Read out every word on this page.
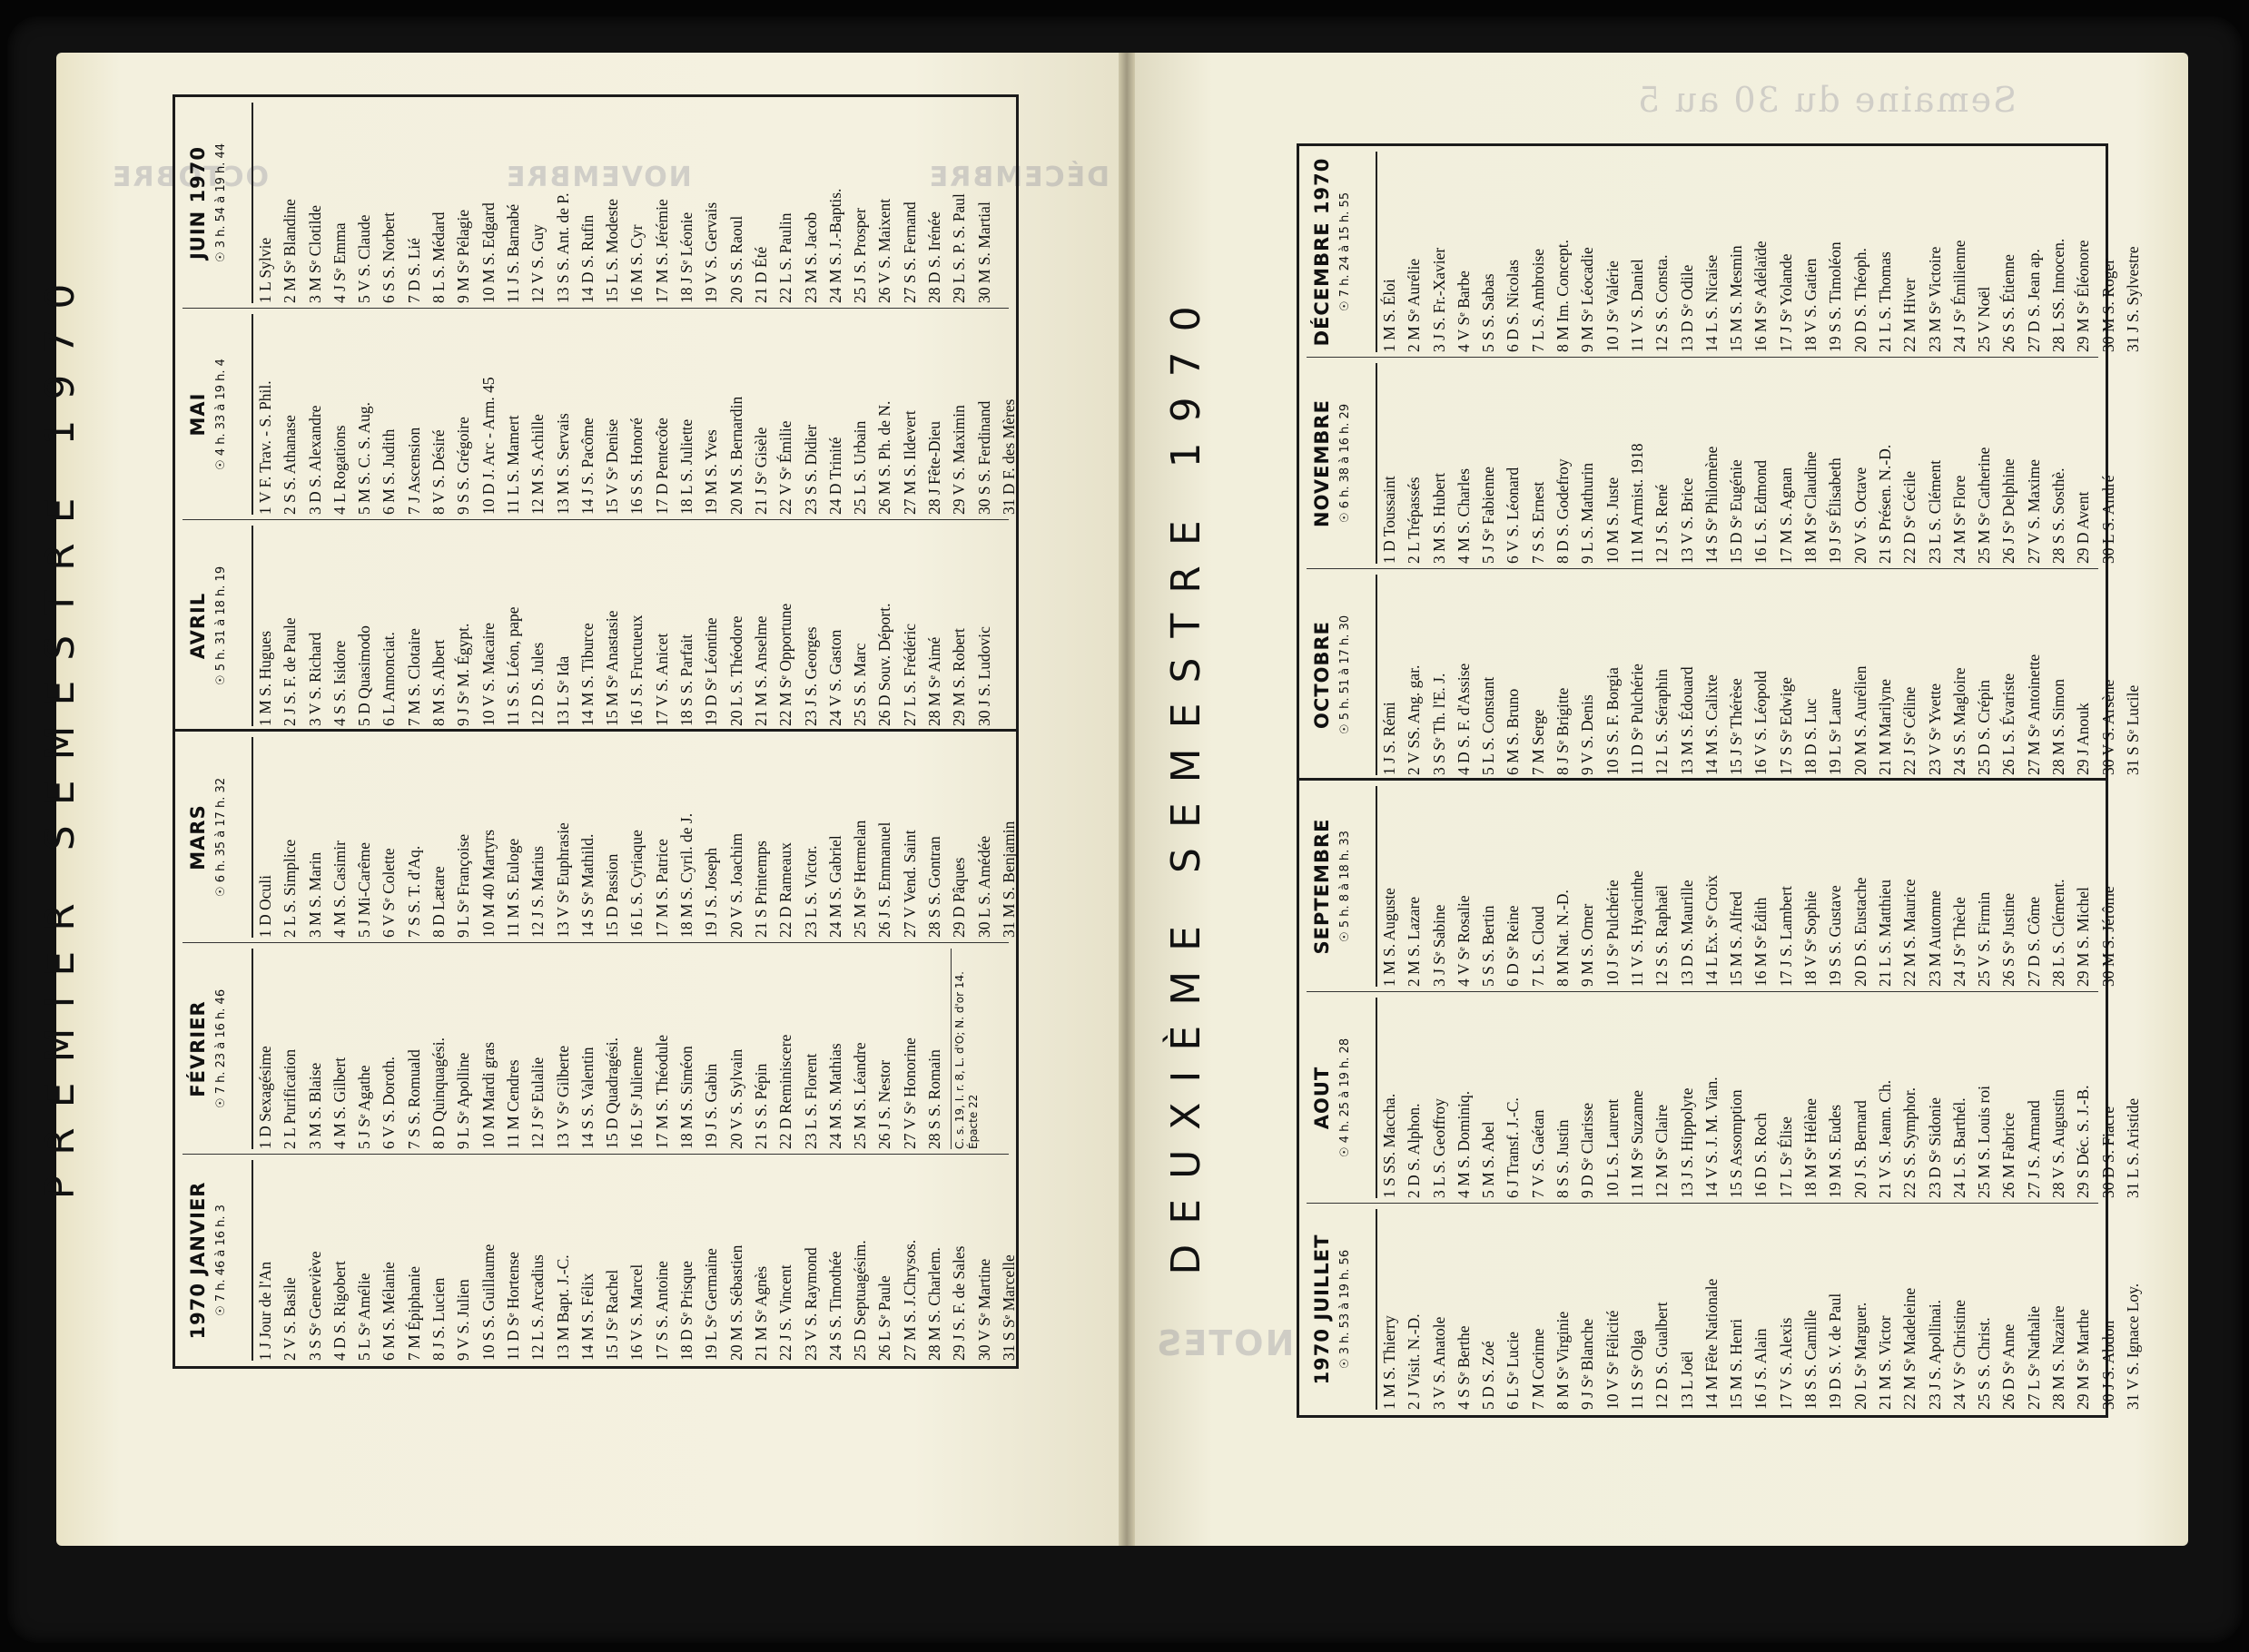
DÉCEMBRE
NOVEMBRE
OCTOBRE
Semaine du 30 au 5
NOTES
PREMIER SEMESTRE 1970
1970 JANVIER ☉ 7 h. 46 à 16 h. 3 1 J Jour de l'An 2 V S. Basile 3 S Sᵉ Geneviève 4 D S. Rigobert 5 L Sᵉ Amélie 6 M S. Mélanie 7 M Épiphanie 8 J S. Lucien 9 V S. Julien 10 S S. Guillaume 11 D Sᵉ Hortense 12 L S. Arcadius 13 M Bapt. J.-C. 14 M S. Félix 15 J Sᵉ Rachel 16 V S. Marcel 17 S S. Antoine 18 D Sᵉ Prisque 19 L Sᵉ Germaine 20 M S. Sébastien 21 M Sᵉ Agnès 22 J S. Vincent 23 V S. Raymond 24 S S. Timothée 25 D Septuagésim. 26 L Sᵉ Paule 27 M S. J.Chrysos. 28 M S. Charlem. 29 J S. F. de Sales 30 V Sᵉ Martine 31 S Sᵉ Marcelle
FÉVRIER ☉ 7 h. 23 à 16 h. 46 1 D Sexagésime 2 L Purification 3 M S. Blaise 4 M S. Gilbert 5 J Sᵉ Agathe 6 V S. Doroth. 7 S S. Romuald 8 D Quinquagési. 9 L Sᵉ Apolline 10 M Mardi gras 11 M Cendres 12 J Sᵉ Eulalie 13 V Sᵉ Gilberte 14 S S. Valentin 15 D Quadragési. 16 L Sᵉ Julienne 17 M S. Théodule 18 M S. Siméon 19 J S. Gabin 20 V S. Sylvain 21 S S. Pépin 22 D Reminiscere 23 L S. Florent 24 M S. Mathias 25 M S. Léandre 26 J S. Nestor 27 V Sᵉ Honorine 28 S S. Romain C. s. 19, I. r. 8, L. d'O; N. d'or 14. Épacte 22
MARS ☉ 6 h. 35 à 17 h. 32
1 D Oculi 2 L S. Simplice 3 M S. Marin 4 M S. Casimir 5 J Mi-Carême 6 V Sᵉ Colette 7 S S. T. d'Aq. 8 D Lætare 9 L Sᵉ Françoise 10 M 40 Martyrs 11 M S. Euloge 12 J S. Marius 13 V Sᵉ Euphrasie 14 S Sᵉ Mathild. 15 D Passion 16 L S. Cyriaque 17 M S. Patrice 18 M S. Cyril. de J. 19 J S. Joseph 20 V S. Joachim 21 S Printemps 22 D Rameaux 23 L S. Victor. 24 M S. Gabriel 25 M Sᵉ Hermelan 26 J S. Emmanuel 27 V Vend. Saint 28 S S. Gontran 29 D Pâques 30 L S. Amédée 31 M S. Benjamin
AVRIL ☉ 5 h. 31 à 18 h. 19 1 M S. Hugues 2 J S. F. de Paule 3 V S. Richard 4 S S. Isidore 5 D Quasimodo 6 L Annonciat. 7 M S. Clotaire 8 M S. Albert 9 J Sᵉ M. Égypt. 10 V S. Macaire 11 S S. Léon, pape 12 D S. Jules 13 L Sᵉ Ida 14 M S. Tiburce 15 M Sᵉ Anastasie 16 J S. Fructueux 17 V S. Anicet 18 S S. Parfait 19 D Sᵉ Léontine 20 L S. Théodore 21 M S. Anselme 22 M Sᵉ Opportune 23 J S. Georges 24 V S. Gaston 25 S S. Marc 26 D Souv. Déport. 27 L S. Frédéric 28 M Sᵉ Aimé 29 M S. Robert 30 J S. Ludovic
MAI ☉ 4 h. 33 à 19 h. 4 1 V F. Trav. - S. Phil. 2 S S. Athanase 3 D S. Alexandre 4 L Rogations 5 M S. C. S. Aug. 6 M S. Judith 7 J Ascension 8 V S. Désiré 9 S S. Grégoire 10 D J. Arc - Arm. 45 11 L S. Mamert 12 M S. Achille 13 M S. Servais 14 J S. Pacôme 15 V Sᵉ Denise 16 S S. Honoré 17 D Pentecôte 18 L S. Juliette 19 M S. Yves 20 M S. Bernardin 21 J Sᵉ Gisèle 22 V Sᵉ Émilie 23 S S. Didier 24 D Trinité 25 L S. Urbain 26 M S. Ph. de N. 27 M S. Ildevert 28 J Fête-Dieu 29 V S. Maximin 30 S S. Ferdinand 31 D F. des Mères
JUIN 1970 ☉ 3 h. 54 à 19 h. 44
1 L Sylvie 2 M Sᵉ Blandine 3 M Sᵉ Clotilde 4 J Sᵉ Emma 5 V S. Claude 6 S S. Norbert 7 D S. Lié 8 L S. Médard 9 M Sᵉ Pélagie 10 M S. Edgard 11 J S. Barnabé 12 V S. Guy 13 S S. Ant. de P. 14 D S. Rufin 15 L S. Modeste 16 M S. Cyr 17 M S. Jérémie 18 J Sᵉ Léonie 19 V S. Gervais 20 S S. Raoul 21 D Été 22 L S. Paulin 23 M S. Jacob 24 M S. J.-Baptis. 25 J S. Prosper 26 V S. Maixent 27 S S. Fernand 28 D S. Irénée 29 L S. P. S. Paul 30 M S. Martial
DEUXIÈME SEMESTRE 1970
1970 JUILLET ☉ 3 h. 53 à 19 h. 56 1 M S. Thierry 2 J Visit. N.-D. 3 V S. Anatole 4 S Sᵉ Berthe 5 D S. Zoé 6 L Sᵉ Lucie 7 M Corinne 8 M Sᵉ Virginie 9 J Sᵉ Blanche 10 V Sᵉ Félicité 11 S Sᵉ Olga 12 D S. Gualbert 13 L Joël 14 M Fête Nationale 15 M S. Henri 16 J S. Alain 17 V S. Alexis 18 S S. Camille 19 D S. V. de Paul 20 L Sᵉ Marguer. 21 M S. Victor 22 M Sᵉ Madeleine 23 J S. Apollinai. 24 V Sᵉ Christine 25 S S. Christ. 26 D Sᵉ Anne 27 L Sᵉ Nathalie 28 M S. Nazaire 29 M Sᵉ Marthe 30 J S. Abdon 31 V S. Ignace Loy.
AOUT ☉ 4 h. 25 à 19 h. 28 1 S SS. Maccha. 2 D S. Alphon. 3 L S. Geoffroy 4 M S. Dominiq. 5 M S. Abel 6 J Transf. J.-C. 7 V S. Gaétan 8 S S. Justin 9 D Sᵉ Clarisse 10 L S. Laurent 11 M Sᵉ Suzanne 12 M Sᵉ Claire 13 J S. Hippolyte 14 V S. J. M. Vian. 15 S Assomption 16 D S. Roch 17 L Sᵉ Élise 18 M Sᵉ Hélène 19 M S. Eudes 20 J S. Bernard 21 V S. Jeann. Ch. 22 S S. Symphor. 23 D Sᵉ Sidonie 24 L S. Barthél. 25 M S. Louis roi 26 M Fabrice 27 J S. Armand 28 V S. Augustin 29 S Déc. S. J.-B. 30 D S. Fiacre 31 L S. Aristide
SEPTEMBRE ☉ 5 h. 8 à 18 h. 33 1 M S. Auguste 2 M S. Lazare 3 J Sᵉ Sabine 4 V Sᵉ Rosalie 5 S S. Bertin 6 D Sᵉ Reine 7 L S. Cloud 8 M Nat. N.-D. 9 M S. Omer 10 J Sᵉ Pulchérie 11 V S. Hyacinthe 12 S S. Raphaël 13 D S. Maurille 14 L Ex. Sᵉ Croix 15 M S. Alfred 16 M Sᵉ Édith 17 J S. Lambert 18 V Sᵉ Sophie 19 S S. Gustave 20 D S. Eustache 21 L S. Matthieu 22 M S. Maurice 23 M Automne 24 J Sᵉ Thècle 25 V S. Firmin 26 S Sᵉ Justine 27 D S. Côme 28 L S. Clément. 29 M S. Michel 30 M S. Jérôme
OCTOBRE ☉ 5 h. 51 à 17 h. 30
1 J S. Rémi 2 V SS. Ang. gar. 3 S Sᵉ Th. l'E. J. 4 D S. F. d'Assise 5 L S. Constant 6 M S. Bruno 7 M Serge 8 J Sᵉ Brigitte 9 V S. Denis 10 S S. F. Borgia 11 D Sᵉ Pulchérie 12 L S. Séraphin 13 M S. Édouard 14 M S. Calixte 15 J Sᵉ Thérèse 16 V S. Léopold 17 S Sᵉ Edwige 18 D S. Luc 19 L Sᵉ Laure 20 M S. Aurélien 21 M Marilyne 22 J Sᵉ Céline 23 V Sᵉ Yvette 24 S S. Magloire 25 D S. Crépin 26 L S. Évariste 27 M Sᵉ Antoinette 28 M S. Simon 29 J Anouk 30 V S. Arsène 31 S Sᵉ Lucile
NOVEMBRE ☉ 6 h. 38 à 16 h. 29 1 D Toussaint 2 L Trépassés 3 M S. Hubert 4 M S. Charles 5 J Sᵉ Fabienne 6 V S. Léonard 7 S S. Ernest 8 D S. Godefroy 9 L S. Mathurin 10 M S. Juste 11 M Armist. 1918 12 J S. René 13 V S. Brice 14 S Sᵉ Philomène 15 D Sᵉ Eugénie 16 L S. Edmond 17 M S. Agnan 18 M Sᵉ Claudine 19 J Sᵉ Élisabeth 20 V S. Octave 21 S Présen. N.-D. 22 D Sᵉ Cécile 23 L S. Clément 24 M Sᵉ Flore 25 M Sᵉ Catherine 26 J Sᵉ Delphine 27 V S. Maxime 28 S S. Sosthè. 29 D Avent 30 L S. André
DÉCEMBRE 1970 ☉ 7 h. 24 à 15 h. 55
1 M S. Éloi 2 M Sᵉ Aurélie 3 J S. Fr.-Xavier 4 V Sᵉ Barbe 5 S S. Sabas 6 D S. Nicolas 7 L S. Ambroise 8 M Im. Concept. 9 M Sᵉ Léocadie 10 J Sᵉ Valérie 11 V S. Daniel 12 S S. Consta. 13 D Sᵉ Odile 14 L S. Nicaise 15 M S. Mesmin 16 M Sᵉ Adélaïde 17 J Sᵉ Yolande 18 V S. Gatien 19 S S. Timoléon 20 D S. Théoph. 21 L S. Thomas 22 M Hiver 23 M Sᵉ Victoire 24 J Sᵉ Émilienne 25 V Noël 26 S S. Étienne 27 D S. Jean ap. 28 L SS. Innocen. 29 M Sᵉ Éléonore 30 M S. Roger 31 J S. Sylvestre
